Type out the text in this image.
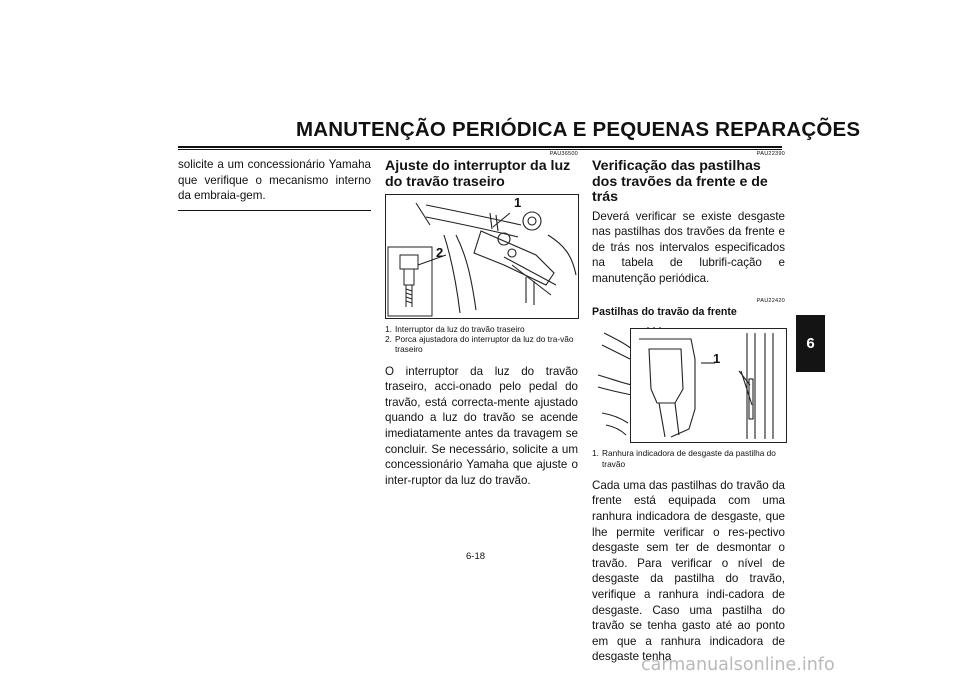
MANUTENÇÃO PERIÓDICA E PEQUENAS REPARAÇÕES

solicite a um concessionário Yamaha que verifique o mecanismo interno da embraia-gem.

PAU36500
Ajuste do interruptor da luz do travão traseiro
1
2
1. Interruptor da luz do travão traseiro
2. Porca ajustadora do interruptor da luz do tra-vão traseiro

O interruptor da luz do travão traseiro, acci-onado pelo pedal do travão, está correcta-mente ajustado quando a luz do travão se acende imediatamente antes da travagem se concluir. Se necessário, solicite a um concessionário Yamaha que ajuste o inter-ruptor da luz do travão.

PAU22390
Verificação das pastilhas dos travões da frente e de trás

Deverá verificar se existe desgaste nas pastilhas dos travões da frente e de trás nos intervalos especificados na tabela de lubrifi-cação e manutenção periódica.

PAU22420
Pastilhas do travão da frente
1
1. Ranhura indicadora de desgaste da pastilha do travão

Cada uma das pastilhas do travão da frente está equipada com uma ranhura indicadora de desgaste, que lhe permite verificar o res-pectivo desgaste sem ter de desmontar o travão. Para verificar o nível de desgaste da pastilha do travão, verifique a ranhura indi-cadora de desgaste. Caso uma pastilha do travão se tenha gasto até ao ponto em que a ranhura indicadora de desgaste tenha

6-18
6
carmanualsonline.info
